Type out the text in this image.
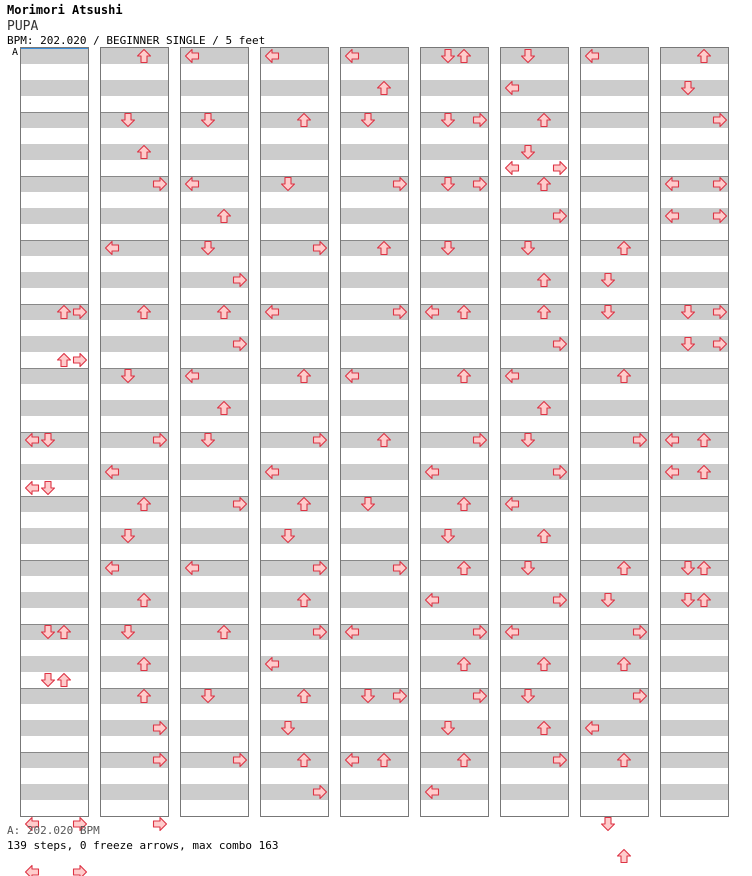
Morimori Atsushi

PUPA

BPM: 202.020 / BEGINNER SINGLE / 5 feet

A

A: 202.020 BPM

139 steps, 0 freeze arrows, max combo 163
